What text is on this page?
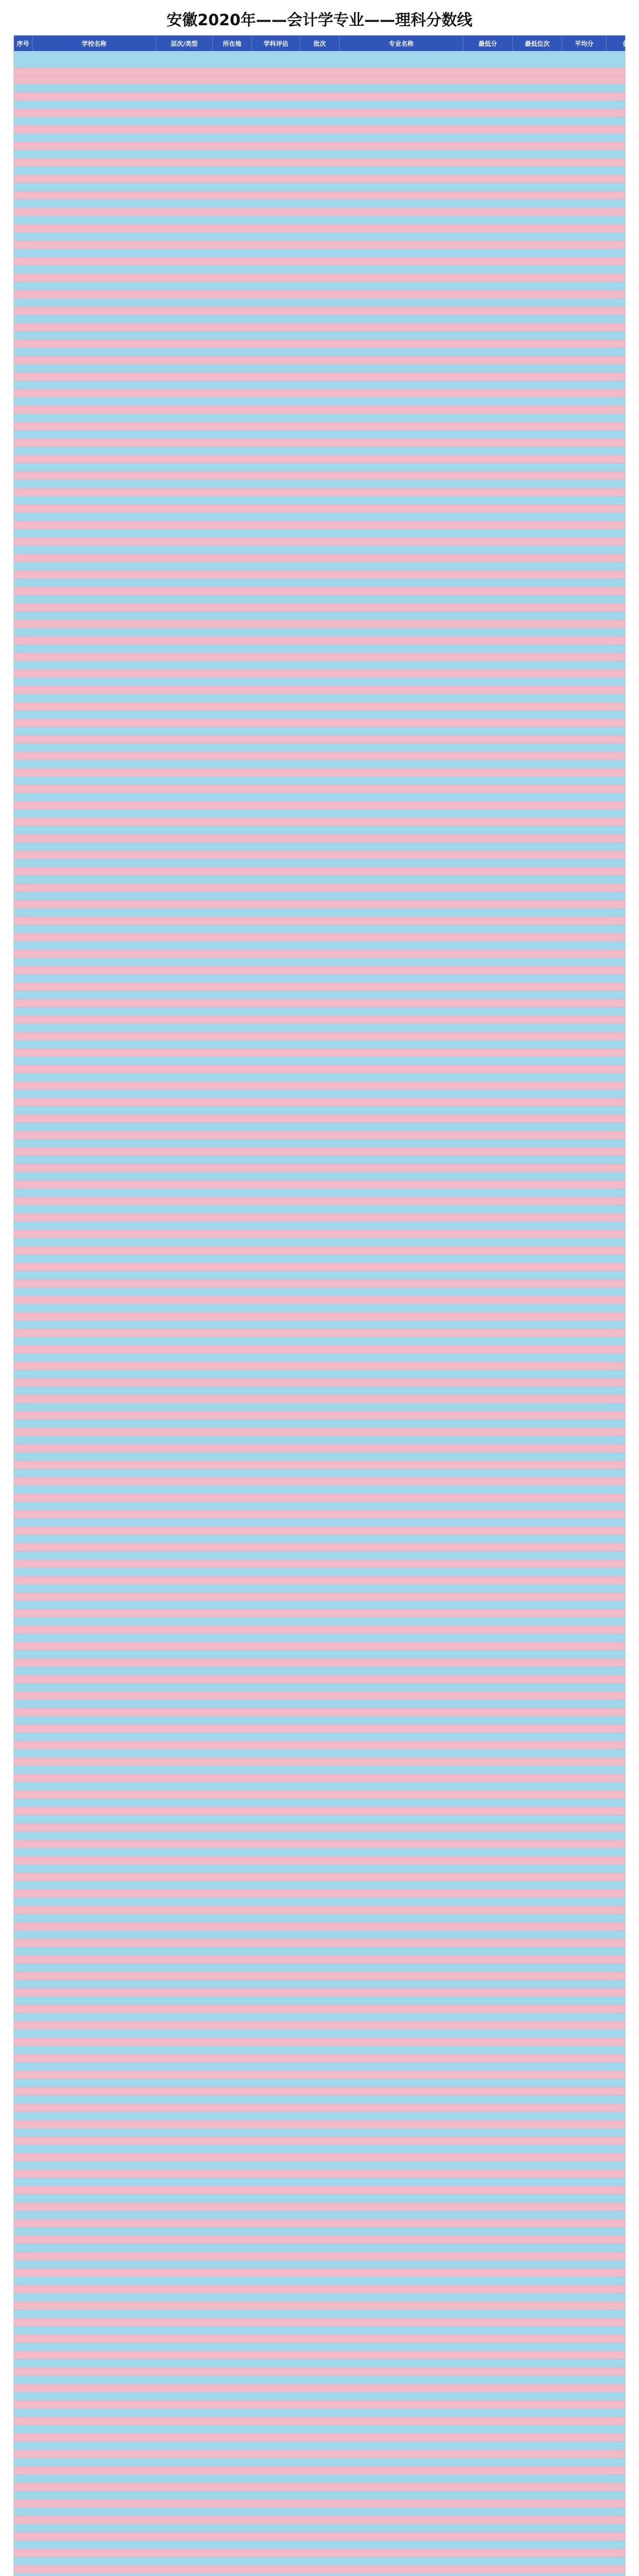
安徽2020年——会计学专业——理科分数线
序号	学校名称	层次/类型	所在地	学科评估	批次	专业名称	最低分	最低位次	平均分	备注
